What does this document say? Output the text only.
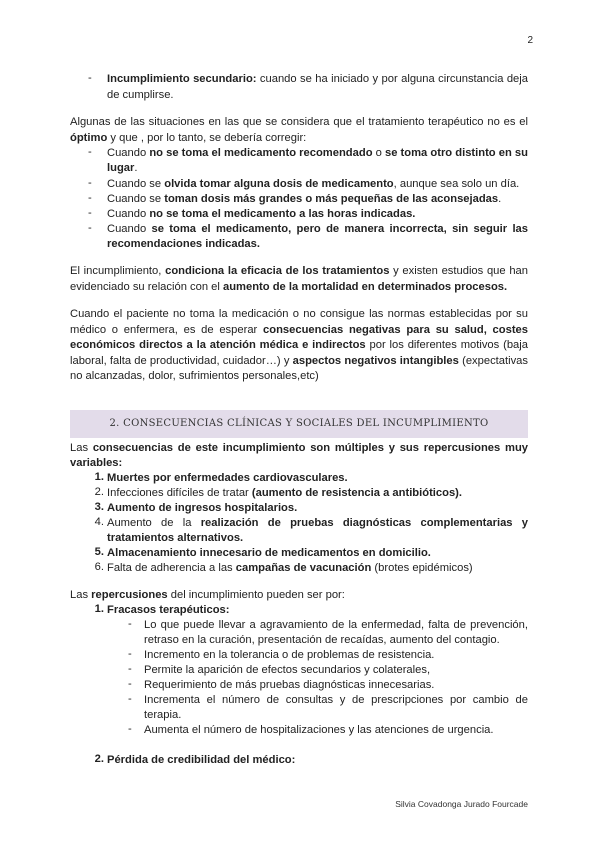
2
- Incumplimiento secundario: cuando se ha iniciado y por alguna circunstancia deja
de cumplirse.
Algunas de las situaciones en las que se considera que el tratamiento terapéutico no es el
óptimo y que , por lo tanto, se debería corregir:
- Cuando no se toma el medicamento recomendado o se toma otro distinto en su
lugar.
- Cuando se olvida tomar alguna dosis de medicamento, aunque sea solo un día.
- Cuando se toman dosis más grandes o más pequeñas de las aconsejadas.
- Cuando no se toma el medicamento a las horas indicadas.
- Cuando se toma el medicamento, pero de manera incorrecta, sin seguir las
recomendaciones indicadas.
El incumplimiento, condiciona la eficacia de los tratamientos y existen estudios que han
evidenciado su relación con el aumento de la mortalidad en determinados procesos.
Cuando el paciente no toma la medicación o no consigue las normas establecidas por su
médico o enfermera, es de esperar consecuencias negativas para su salud, costes
económicos directos a la atención médica e indirectos por los diferentes motivos (baja
laboral, falta de productividad, cuidador…) y aspectos negativos intangibles (expectativas
no alcanzadas, dolor, sufrimientos personales,etc)
2. CONSECUENCIAS CLÍNICAS Y SOCIALES DEL INCUMPLIMIENTO
Las consecuencias de este incumplimiento son múltiples y sus repercusiones muy
variables:
1. Muertes por enfermedades cardiovasculares.
2. Infecciones difíciles de tratar (aumento de resistencia a antibióticos).
3. Aumento de ingresos hospitalarios.
4. Aumento de la realización de pruebas diagnósticas complementarias y
tratamientos alternativos.
5. Almacenamiento innecesario de medicamentos en domicilio.
6. Falta de adherencia a las campañas de vacunación (brotes epidémicos)
Las repercusiones del incumplimiento pueden ser por:
1. Fracasos terapéuticos:
- Lo que puede llevar a agravamiento de la enfermedad, falta de prevención,
retraso en la curación, presentación de recaídas, aumento del contagio.
- Incremento en la tolerancia o de problemas de resistencia.
- Permite la aparición de efectos secundarios y colaterales,
- Requerimiento de más pruebas diagnósticas innecesarias.
- Incrementa el número de consultas y de prescripciones por cambio de
terapia.
- Aumenta el número de hospitalizaciones y las atenciones de urgencia.
2. Pérdida de credibilidad del médico:
Silvia Covadonga Jurado Fourcade
